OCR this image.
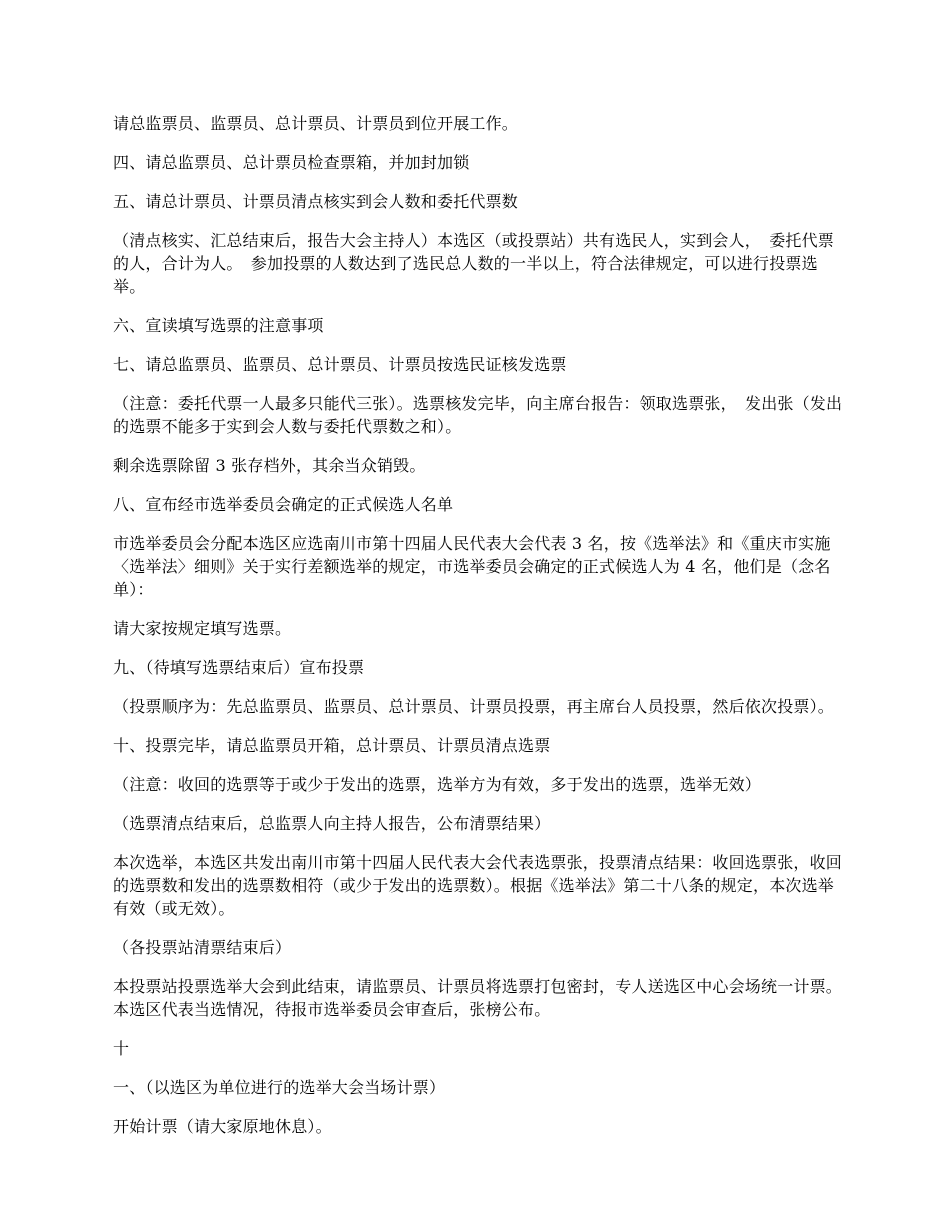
请总监票员、监票员、总计票员、计票员到位开展工作。

四、请总监票员、总计票员检查票箱，并加封加锁

五、请总计票员、计票员清点核实到会人数和委托代票数

（清点核实、汇总结束后，报告大会主持人）本选区（或投票站）共有选民人，实到会人，　委托代票的人，合计为人。　参加投票的人数达到了选民总人数的一半以上，符合法律规定，可以进行投票选举。

六、宣读填写选票的注意事项

七、请总监票员、监票员、总计票员、计票员按选民证核发选票

（注意：委托代票一人最多只能代三张）。选票核发完毕，向主席台报告：领取选票张，　发出张（发出的选票不能多于实到会人数与委托代票数之和）。

剩余选票除留 3 张存档外，其余当众销毁。

八、宣布经市选举委员会确定的正式候选人名单

市选举委员会分配本选区应选南川市第十四届人民代表大会代表 3 名，按《选举法》和《重庆市实施〈选举法〉细则》关于实行差额选举的规定，市选举委员会确定的正式候选人为 4 名，他们是（念名单）：

请大家按规定填写选票。

九、（待填写选票结束后）宣布投票

（投票顺序为：先总监票员、监票员、总计票员、计票员投票，再主席台人员投票，然后依次投票）。

十、投票完毕，请总监票员开箱，总计票员、计票员清点选票

（注意：收回的选票等于或少于发出的选票，选举方为有效，多于发出的选票，选举无效）

（选票清点结束后，总监票人向主持人报告，公布清票结果）

本次选举，本选区共发出南川市第十四届人民代表大会代表选票张，投票清点结果：收回选票张，收回的选票数和发出的选票数相符（或少于发出的选票数）。根据《选举法》第二十八条的规定，本次选举有效（或无效）。

（各投票站清票结束后）

本投票站投票选举大会到此结束，请监票员、计票员将选票打包密封，专人送选区中心会场统一计票。本选区代表当选情况，待报市选举委员会审查后，张榜公布。

十

一、（以选区为单位进行的选举大会当场计票）

开始计票（请大家原地休息）。
